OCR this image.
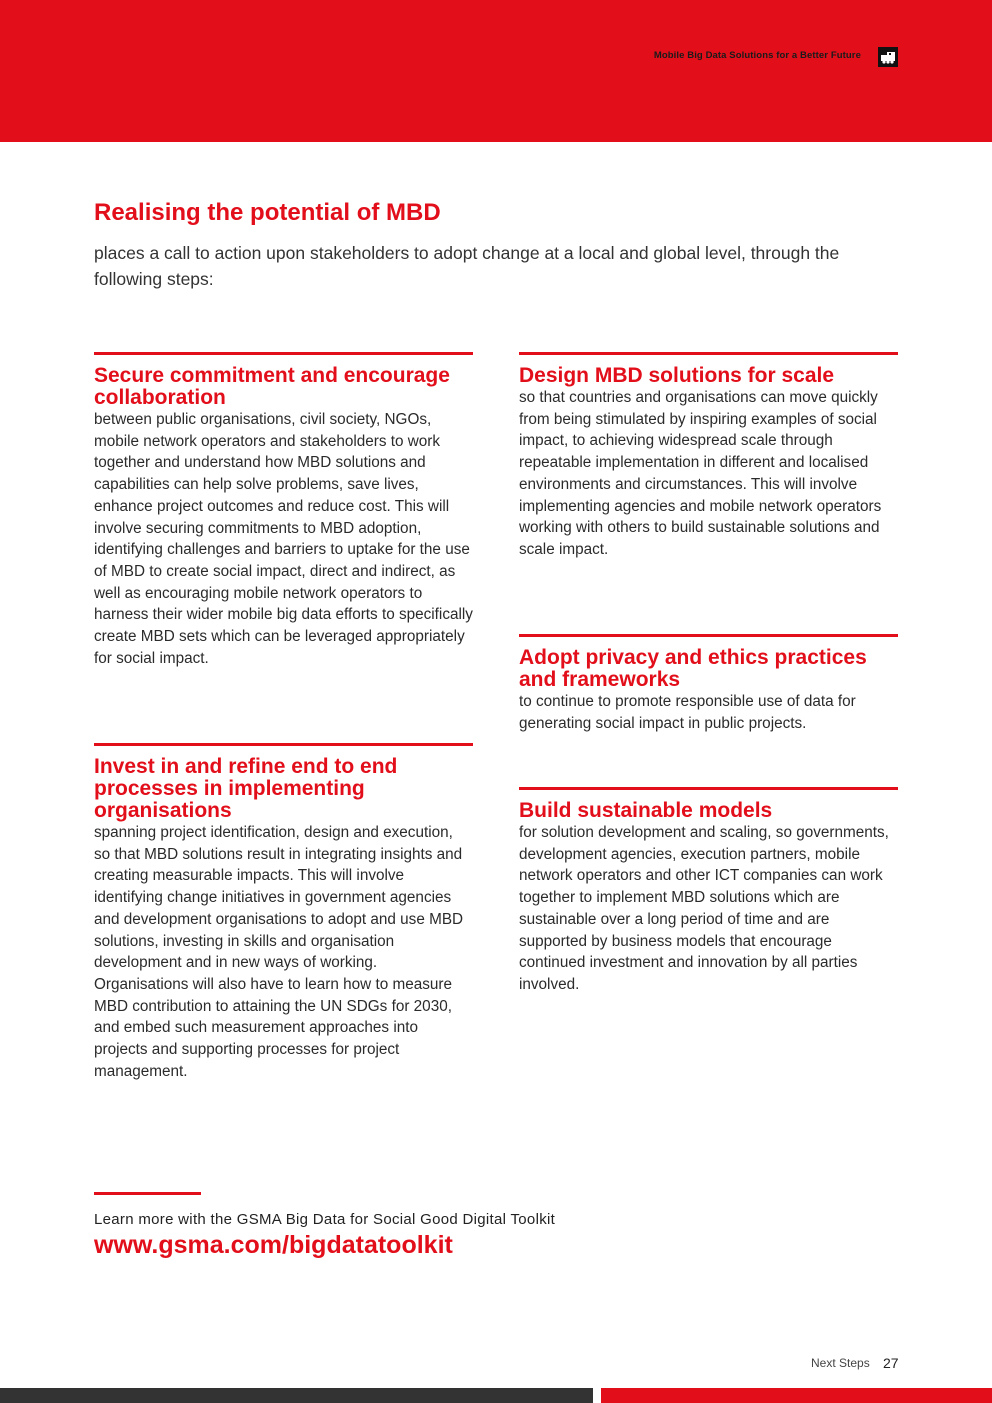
Mobile Big Data Solutions for a Better Future
Realising the potential of MBD

places a call to action upon stakeholders to adopt change at a local and global level, through the following steps:

Secure commitment and encourage collaboration

between public organisations, civil society, NGOs, mobile network operators and stakeholders to work together and understand how MBD solutions and capabilities can help solve problems, save lives, enhance project outcomes and reduce cost. This will involve securing commitments to MBD adoption, identifying challenges and barriers to uptake for the use of MBD to create social impact, direct and indirect, as well as encouraging mobile network operators to harness their wider mobile big data efforts to specifically create MBD sets which can be leveraged appropriately for social impact.

Invest in and refine end to end processes in implementing organisations

spanning project identification, design and execution, so that MBD solutions result in integrating insights and creating measurable impacts. This will involve identifying change initiatives in government agencies and development organisations to adopt and use MBD solutions, investing in skills and organisation development and in new ways of working. Organisations will also have to learn how to measure MBD contribution to attaining the UN SDGs for 2030, and embed such measurement approaches into projects and supporting processes for project management.

Design MBD solutions for scale

so that countries and organisations can move quickly from being stimulated by inspiring examples of social impact, to achieving widespread scale through repeatable implementation in different and localised environments and circumstances. This will involve implementing agencies and mobile network operators working with others to build sustainable solutions and scale impact.

Adopt privacy and ethics practices and frameworks

to continue to promote responsible use of data for generating social impact in public projects.

Build sustainable models

for solution development and scaling, so governments, development agencies, execution partners, mobile network operators and other ICT companies can work together to implement MBD solutions which are sustainable over a long period of time and are supported by business models that encourage continued investment and innovation by all parties involved.

Learn more with the GSMA Big Data for Social Good Digital Toolkit
www.gsma.com/bigdatatoolkit
Next Steps 27
